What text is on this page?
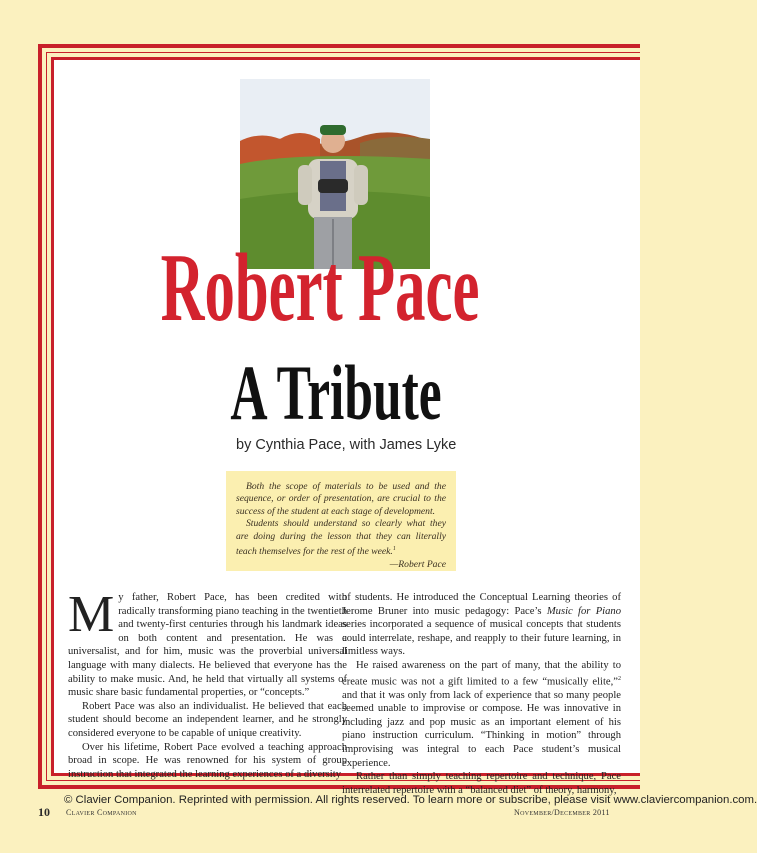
Robert Pace
A Tribute
by Cynthia Pace, with James Lyke

Both the scope of materials to be used and the sequence, or order of presentation, are crucial to the success of the student at each stage of development.

Students should understand so clearly what they are doing during the lesson that they can literally teach themselves for the rest of the week.$^1$

—Robert Pace

My father, Robert Pace, has been credited with radically transforming piano teaching in the twentieth and twenty-first centuries through his landmark ideas on both content and presentation. He was a universalist, and for him, music was the proverbial universal language with many dialects. He believed that everyone has the ability to make music. And, he held that virtually all systems of music share basic fundamental properties, or “concepts.”

Robert Pace was also an individualist. He believed that each student should become an independent learner, and he strongly considered everyone to be capable of unique creativity.

Over his lifetime, Robert Pace evolved a teaching approach broad in scope. He was renowned for his system of group instruction that integrated the learning experiences of a diversity

of students. He introduced the Conceptual Learning theories of Jerome Bruner into music pedagogy: Pace’s Music for Piano series incorporated a sequence of musical concepts that students could interrelate, reshape, and reapply to their future learning, in limitless ways.

He raised awareness on the part of many, that the ability to create music was not a gift limited to a few “musically elite,”$^2$ and that it was only from lack of experience that so many people seemed unable to improvise or compose. He was innovative in including jazz and pop music as an important element of his piano instruction curriculum. “Thinking in motion” through improvising was integral to each Pace student’s musical experience.

Rather than simply teaching repertoire and technique, Pace interrelated repertoire with a “balanced diet” of theory, harmony,

© Clavier Companion. Reprinted with permission. All rights reserved. To learn more or subscribe, please visit www.claviercompanion.com.
10 Clavier Companion	November/December 2011
